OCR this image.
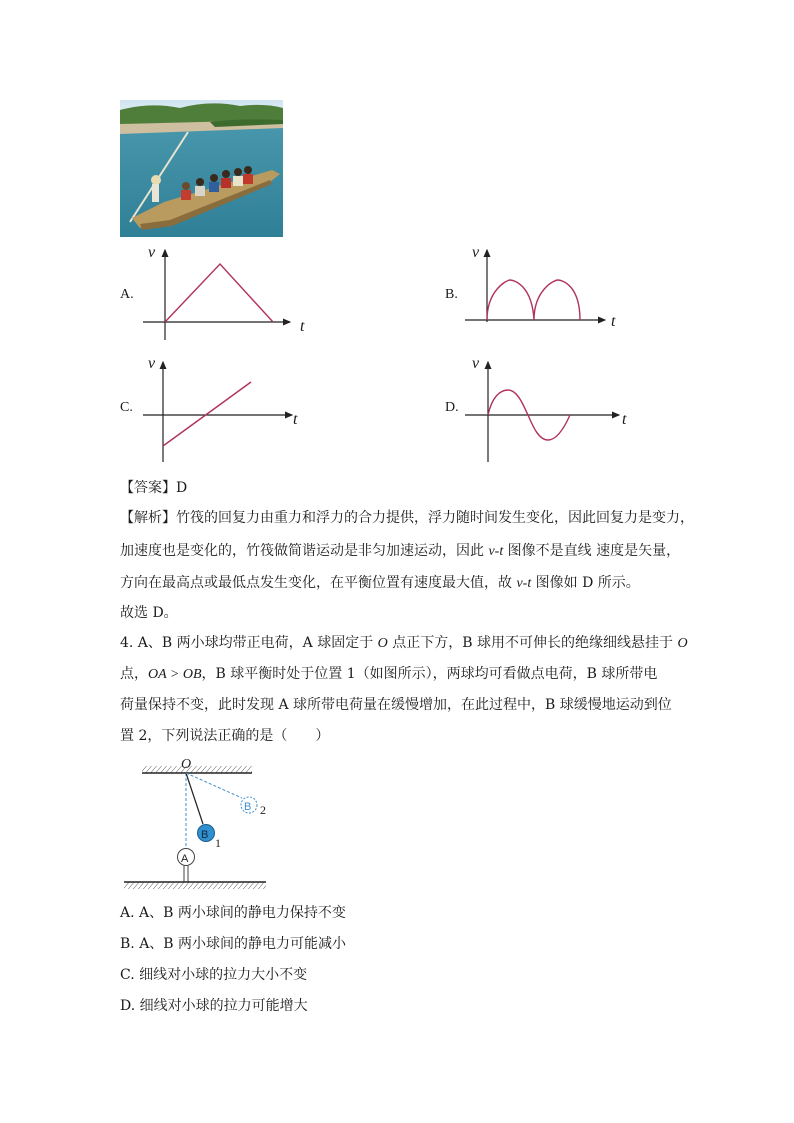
A.
v
t
B.
v
t
C.
v
t
D.
v
t
【答案】D
【解析】竹筏的回复力由重力和浮力的合力提供，浮力随时间发生变化，因此回复力是变力，
加速度也是变化的，竹筏做简谐运动是非匀加速运动，因此 v-t 图像不是直线 速度是矢量，
方向在最高点或最低点发生变化，在平衡位置有速度最大值，故 v-t 图像如 D 所示。
故选 D。
4. A、B 两小球均带正电荷，A 球固定于 O 点正下方，B 球用不可伸长的绝缘细线悬挂于 O
点，OA > OB，B 球平衡时处于位置 1（如图所示），两球均可看做点电荷，B 球所带电
荷量保持不变，此时发现 A 球所带电荷量在缓慢增加，在此过程中，B 球缓慢地运动到位
置 2，下列说法正确的是（　　）
O
B 2
B
1
A
A. A、B 两小球间的静电力保持不变
B. A、B 两小球间的静电力可能减小
C. 细线对小球的拉力大小不变
D. 细线对小球的拉力可能增大
